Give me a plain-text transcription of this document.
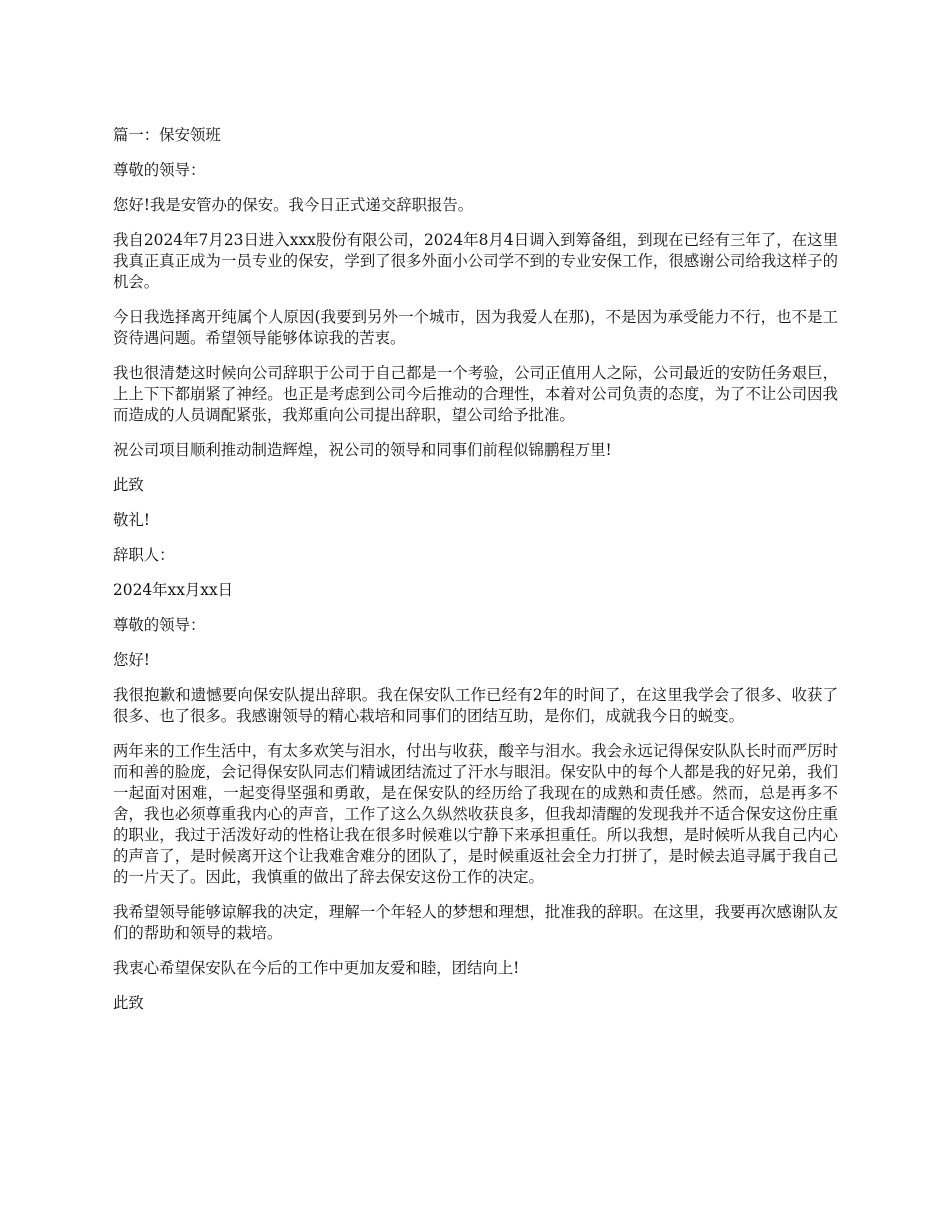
篇一：保安领班

尊敬的领导：

您好!我是安管办的保安。我今日正式递交辞职报告。

我自2024年7月23日进入xxx股份有限公司，2024年8月4日调入到筹备组，到现在已经有三年了，在这里我真正真正成为一员专业的保安，学到了很多外面小公司学不到的专业安保工作，很感谢公司给我这样子的机会。

今日我选择离开纯属个人原因(我要到另外一个城市，因为我爱人在那)，不是因为承受能力不行，也不是工资待遇问题。希望领导能够体谅我的苦衷。

我也很清楚这时候向公司辞职于公司于自己都是一个考验，公司正值用人之际，公司最近的安防任务艰巨，上上下下都崩紧了神经。也正是考虑到公司今后推动的合理性，本着对公司负责的态度，为了不让公司因我而造成的人员调配紧张，我郑重向公司提出辞职，望公司给予批准。

祝公司项目顺利推动制造辉煌，祝公司的领导和同事们前程似锦鹏程万里!

此致

敬礼!

辞职人：

2024年xx月xx日

尊敬的领导：

您好!

我很抱歉和遗憾要向保安队提出辞职。我在保安队工作已经有2年的时间了，在这里我学会了很多、收获了很多、也了很多。我感谢领导的精心栽培和同事们的团结互助，是你们，成就我今日的蜕变。

两年来的工作生活中，有太多欢笑与泪水，付出与收获，酸辛与泪水。我会永远记得保安队队长时而严厉时而和善的脸庞，会记得保安队同志们精诚团结流过了汗水与眼泪。保安队中的每个人都是我的好兄弟，我们一起面对困难，一起变得坚强和勇敢，是在保安队的经历给了我现在的成熟和责任感。然而，总是再多不舍，我也必须尊重我内心的声音，工作了这么久纵然收获良多，但我却清醒的发现我并不适合保安这份庄重的职业，我过于活泼好动的性格让我在很多时候难以宁静下来承担重任。所以我想，是时候听从我自己内心的声音了，是时候离开这个让我难舍难分的团队了，是时候重返社会全力打拼了，是时候去追寻属于我自己的一片天了。因此，我慎重的做出了辞去保安这份工作的决定。

我希望领导能够谅解我的决定，理解一个年轻人的梦想和理想，批准我的辞职。在这里，我要再次感谢队友们的帮助和领导的栽培。

我衷心希望保安队在今后的工作中更加友爱和睦，团结向上!

此致
